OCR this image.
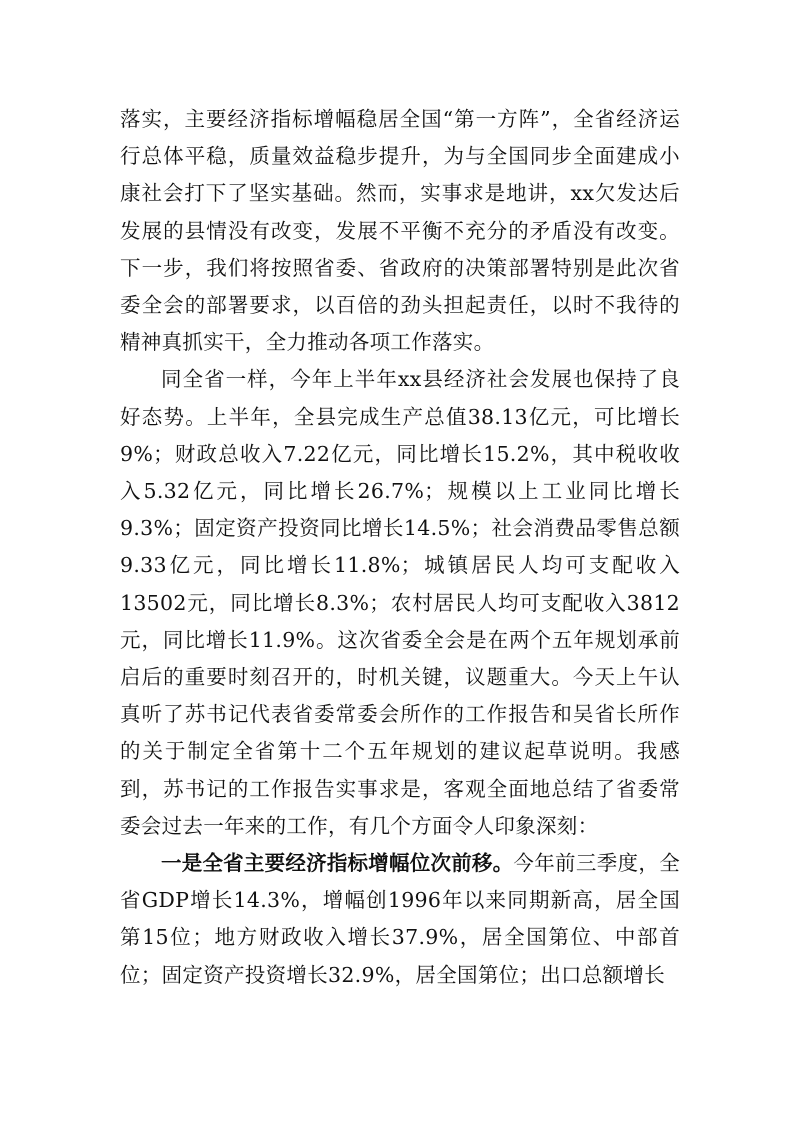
落实，主要经济指标增幅稳居全国“第一方阵”，全省经济运行总体平稳，质量效益稳步提升，为与全国同步全面建成小康社会打下了坚实基础。然而，实事求是地讲，xx欠发达后发展的县情没有改变，发展不平衡不充分的矛盾没有改变。下一步，我们将按照省委、省政府的决策部署特别是此次省委全会的部署要求，以百倍的劲头担起责任，以时不我待的精神真抓实干，全力推动各项工作落实。

同全省一样，今年上半年xx县经济社会发展也保持了良好态势。上半年，全县完成生产总值38.13亿元，可比增长9%；财政总收入7.22亿元，同比增长15.2%，其中税收收入5.32亿元，同比增长26.7%；规模以上工业同比增长9.3%；固定资产投资同比增长14.5%；社会消费品零售总额9.33亿元，同比增长11.8%；城镇居民人均可支配收入13502元，同比增长8.3%；农村居民人均可支配收入3812元，同比增长11.9%。这次省委全会是在两个五年规划承前启后的重要时刻召开的，时机关键，议题重大。今天上午认真听了苏书记代表省委常委会所作的工作报告和吴省长所作的关于制定全省第十二个五年规划的建议起草说明。我感到，苏书记的工作报告实事求是，客观全面地总结了省委常委会过去一年来的工作，有几个方面令人印象深刻：

一是全省主要经济指标增幅位次前移。今年前三季度，全省GDP增长14.3%，增幅创1996年以来同期新高，居全国第15位；地方财政收入增长37.9%，居全国第位、中部首位；固定资产投资增长32.9%，居全国第位；出口总额增长
